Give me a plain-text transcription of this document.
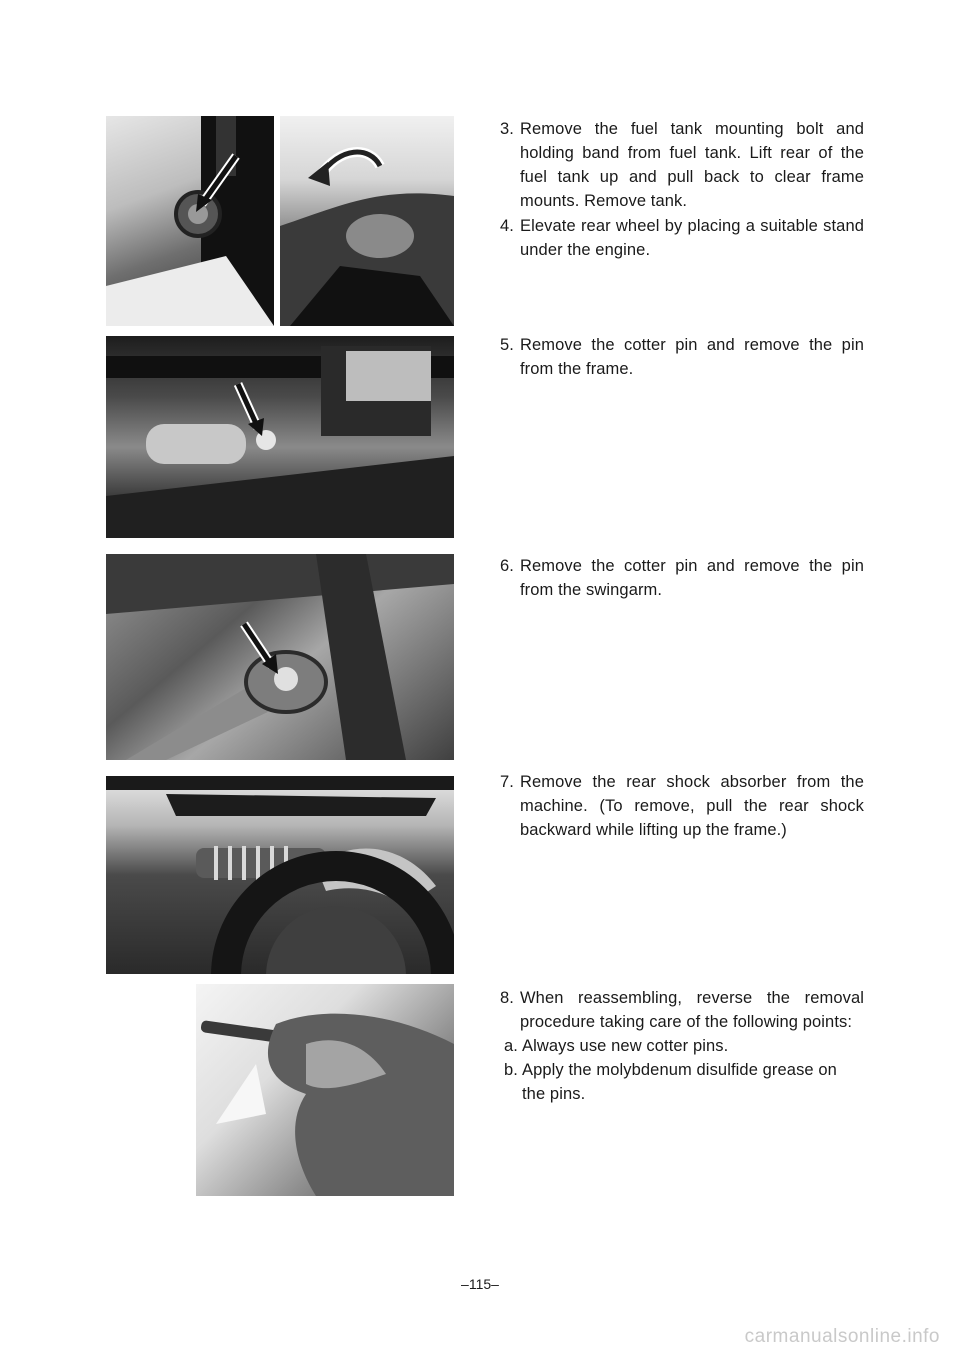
3. Remove the fuel tank mounting bolt and holding band from fuel tank. Lift rear of the fuel tank up and pull back to clear frame mounts. Remove tank.
4. Elevate rear wheel by placing a suitable stand under the engine.
5. Remove the cotter pin and remove the pin from the frame.
6. Remove the cotter pin and remove the pin from the swingarm.
7. Remove the rear shock absorber from the machine. (To remove, pull the rear shock backward while lifting up the frame.)
8. When reassembling, reverse the removal procedure taking care of the following points:
a. Always use new cotter pins.
b. Apply the molybdenum disulfide grease on the pins.
–115–
carmanualsonline.info
